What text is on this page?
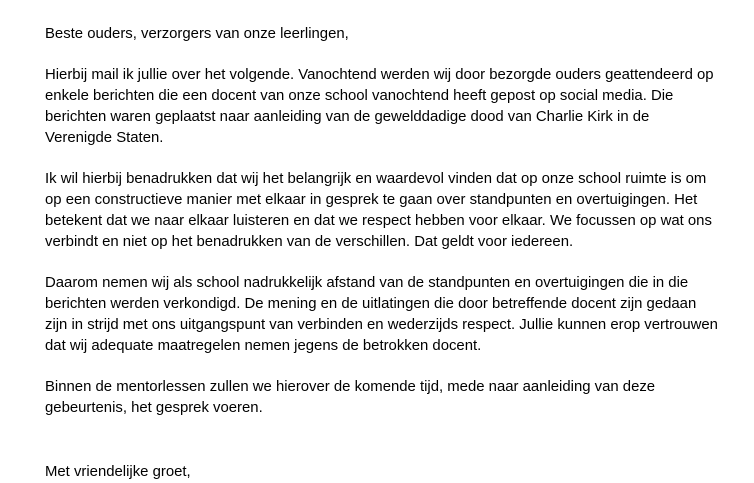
Beste ouders, verzorgers van onze leerlingen,

Hierbij mail ik jullie over het volgende. Vanochtend werden wij door bezorgde ouders geattendeerd op
enkele berichten die een docent van onze school vanochtend heeft gepost op social media. Die
berichten waren geplaatst naar aanleiding van de gewelddadige dood van Charlie Kirk in de
Verenigde Staten.

Ik wil hierbij benadrukken dat wij het belangrijk en waardevol vinden dat op onze school ruimte is om
op een constructieve manier met elkaar in gesprek te gaan over standpunten en overtuigingen. Het
betekent dat we naar elkaar luisteren en dat we respect hebben voor elkaar. We focussen op wat ons
verbindt en niet op het benadrukken van de verschillen. Dat geldt voor iedereen.

Daarom nemen wij als school nadrukkelijk afstand van de standpunten en overtuigingen die in die
berichten werden verkondigd. De mening en de uitlatingen die door betreffende docent zijn gedaan
zijn in strijd met ons uitgangspunt van verbinden en wederzijds respect. Jullie kunnen erop vertrouwen
dat wij adequate maatregelen nemen jegens de betrokken docent.

Binnen de mentorlessen zullen we hierover de komende tijd, mede naar aanleiding van deze
gebeurtenis, het gesprek voeren.

Met vriendelijke groet,
